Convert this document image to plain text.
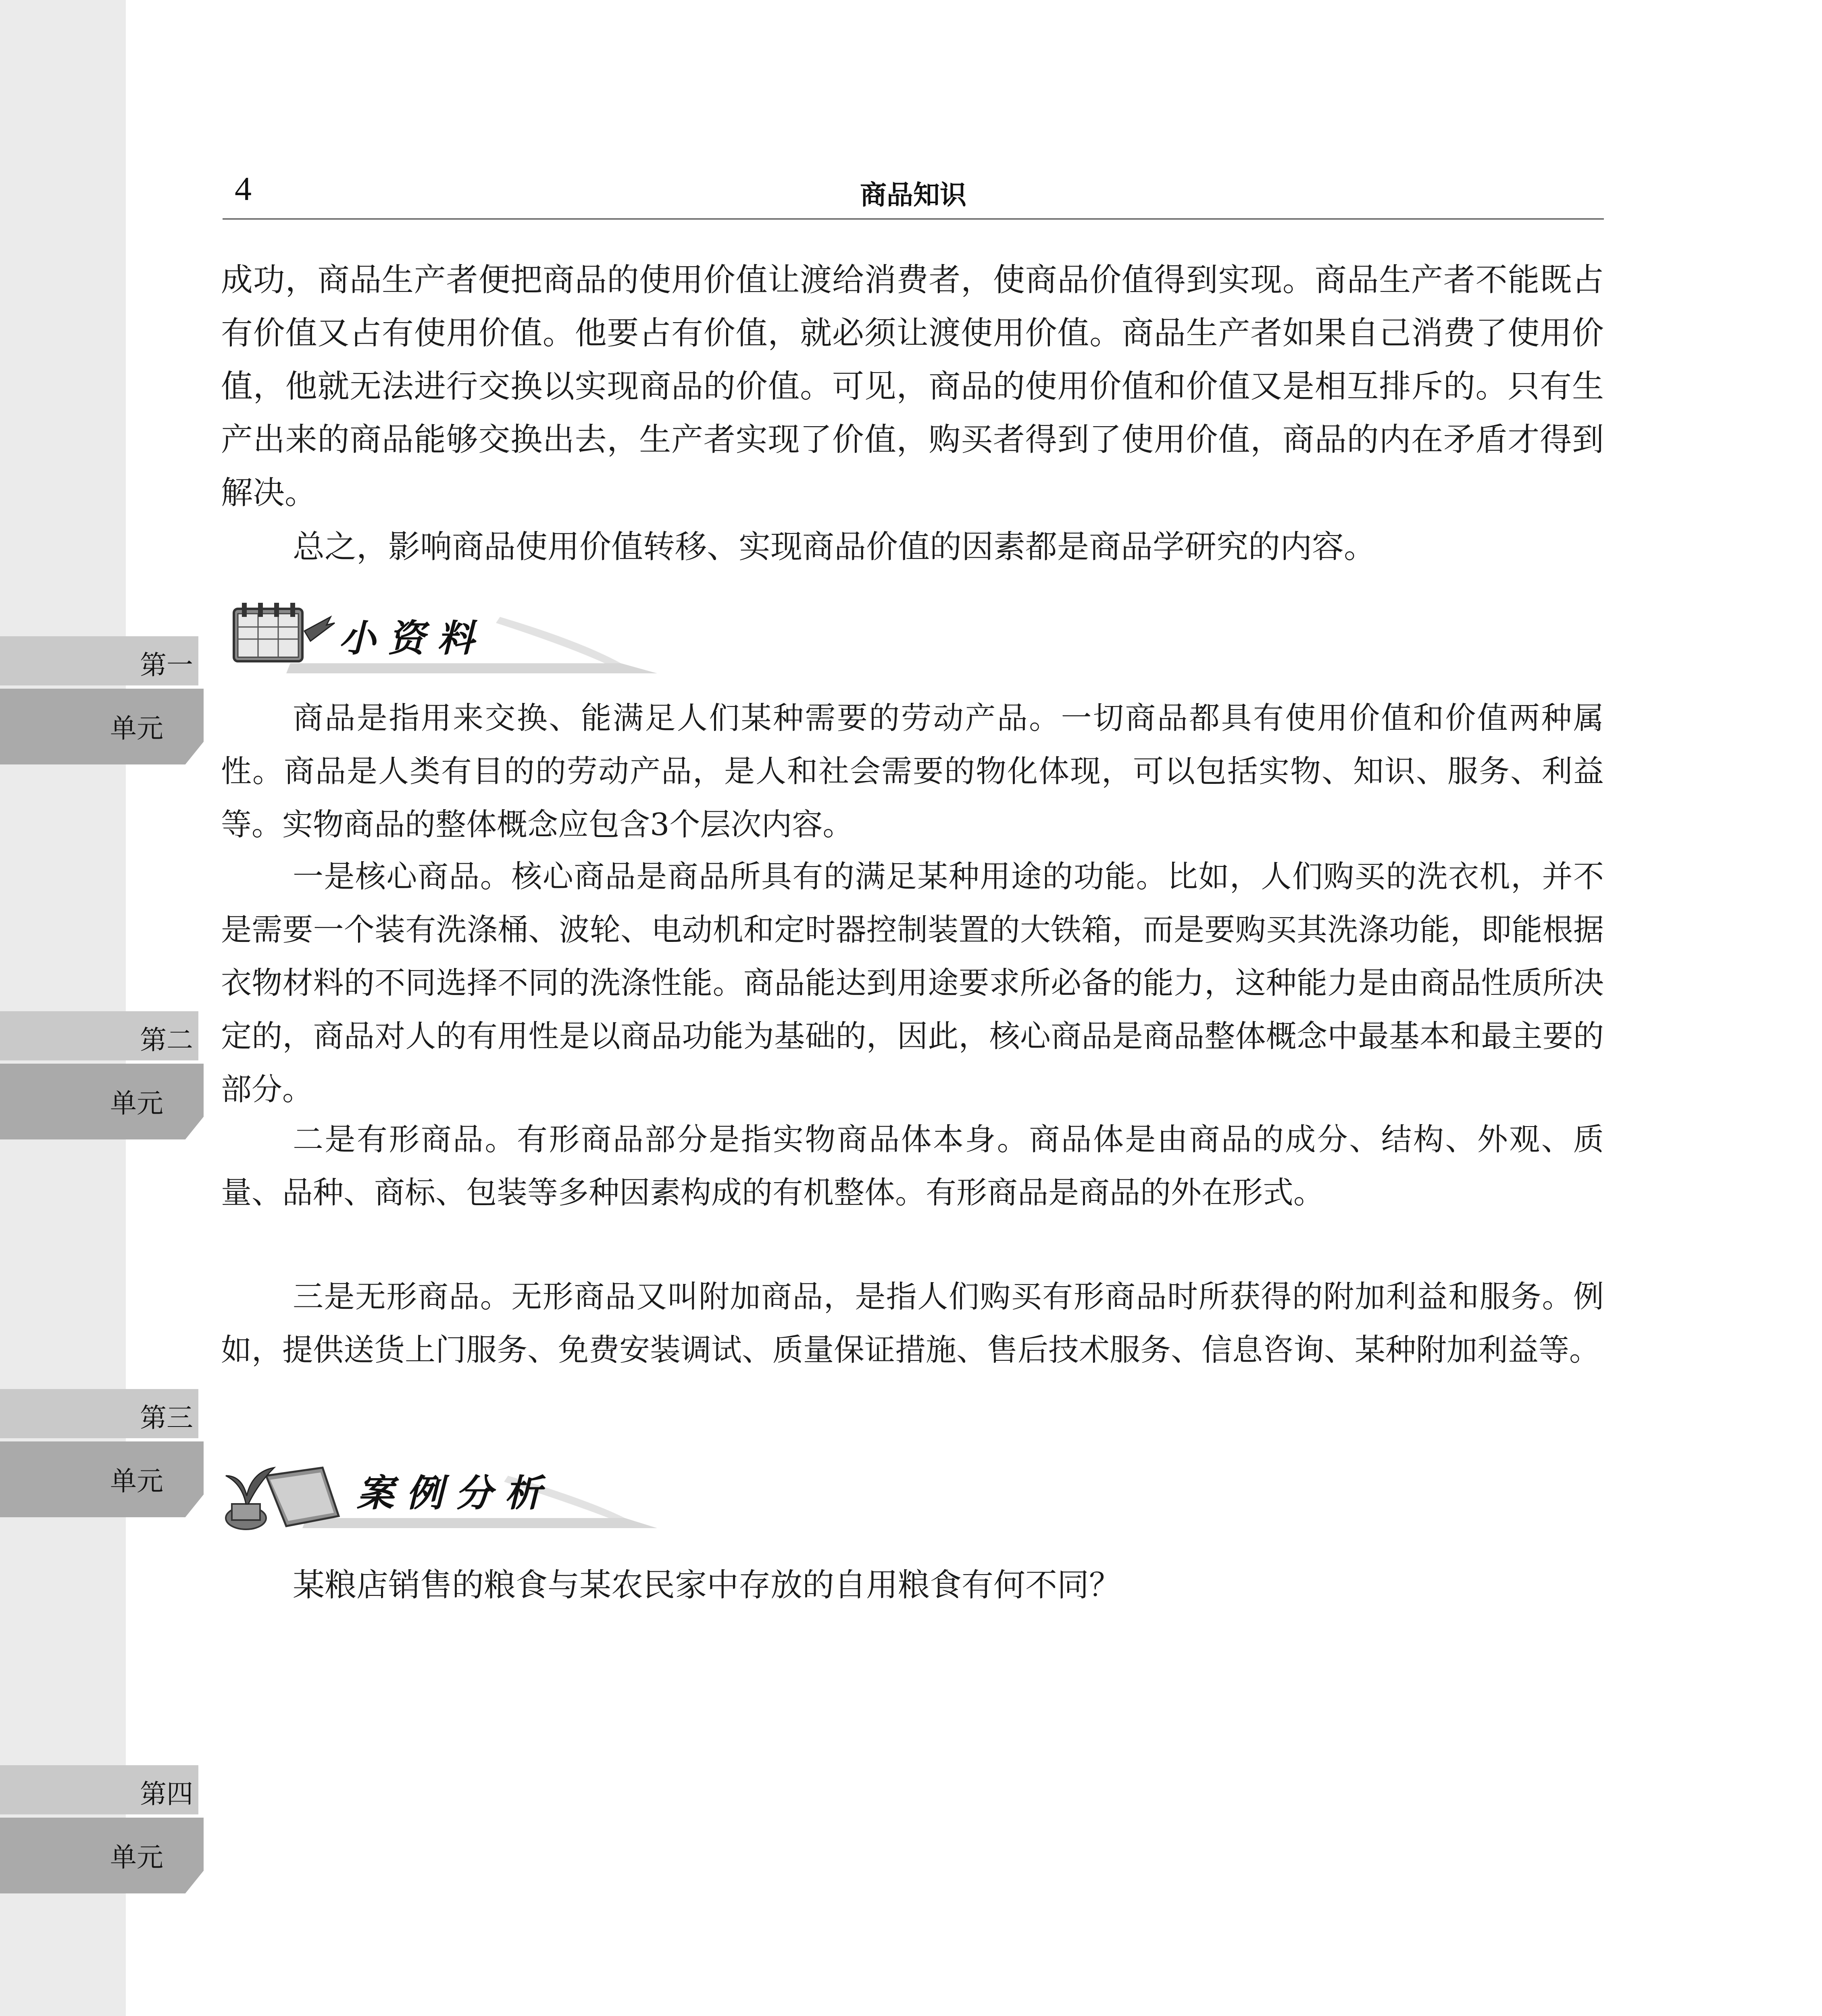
4	商品知识
第一
单元
第二
单元
第三
单元
第四
单元

成功，商品生产者便把商品的使用价值让渡给消费者，使商品价值得到实现。商品生产者不能既占有价值又占有使用价值。他要占有价值，就必须让渡使用价值。商品生产者如果自己消费了使用价值，他就无法进行交换以实现商品的价值。可见，商品的使用价值和价值又是相互排斥的。只有生产出来的商品能够交换出去，生产者实现了价值，购买者得到了使用价值，商品的内在矛盾才得到解决。

总之，影响商品使用价值转移、实现商品价值的因素都是商品学研究的内容。

小资料

商品是指用来交换、能满足人们某种需要的劳动产品。一切商品都具有使用价值和价值两种属性。商品是人类有目的的劳动产品，是人和社会需要的物化体现，可以包括实物、知识、服务、利益等。实物商品的整体概念应包含3个层次内容。

一是核心商品。核心商品是商品所具有的满足某种用途的功能。比如，人们购买的洗衣机，并不是需要一个装有洗涤桶、波轮、电动机和定时器控制装置的大铁箱，而是要购买其洗涤功能，即能根据衣物材料的不同选择不同的洗涤性能。商品能达到用途要求所必备的能力，这种能力是由商品性质所决定的，商品对人的有用性是以商品功能为基础的，因此，核心商品是商品整体概念中最基本和最主要的部分。

二是有形商品。有形商品部分是指实物商品体本身。商品体是由商品的成分、结构、外观、质量、品种、商标、包装等多种因素构成的有机整体。有形商品是商品的外在形式。

三是无形商品。无形商品又叫附加商品，是指人们购买有形商品时所获得的附加利益和服务。例如，提供送货上门服务、免费安装调试、质量保证措施、售后技术服务、信息咨询、某种附加利益等。

案例分析

某粮店销售的粮食与某农民家中存放的自用粮食有何不同？
